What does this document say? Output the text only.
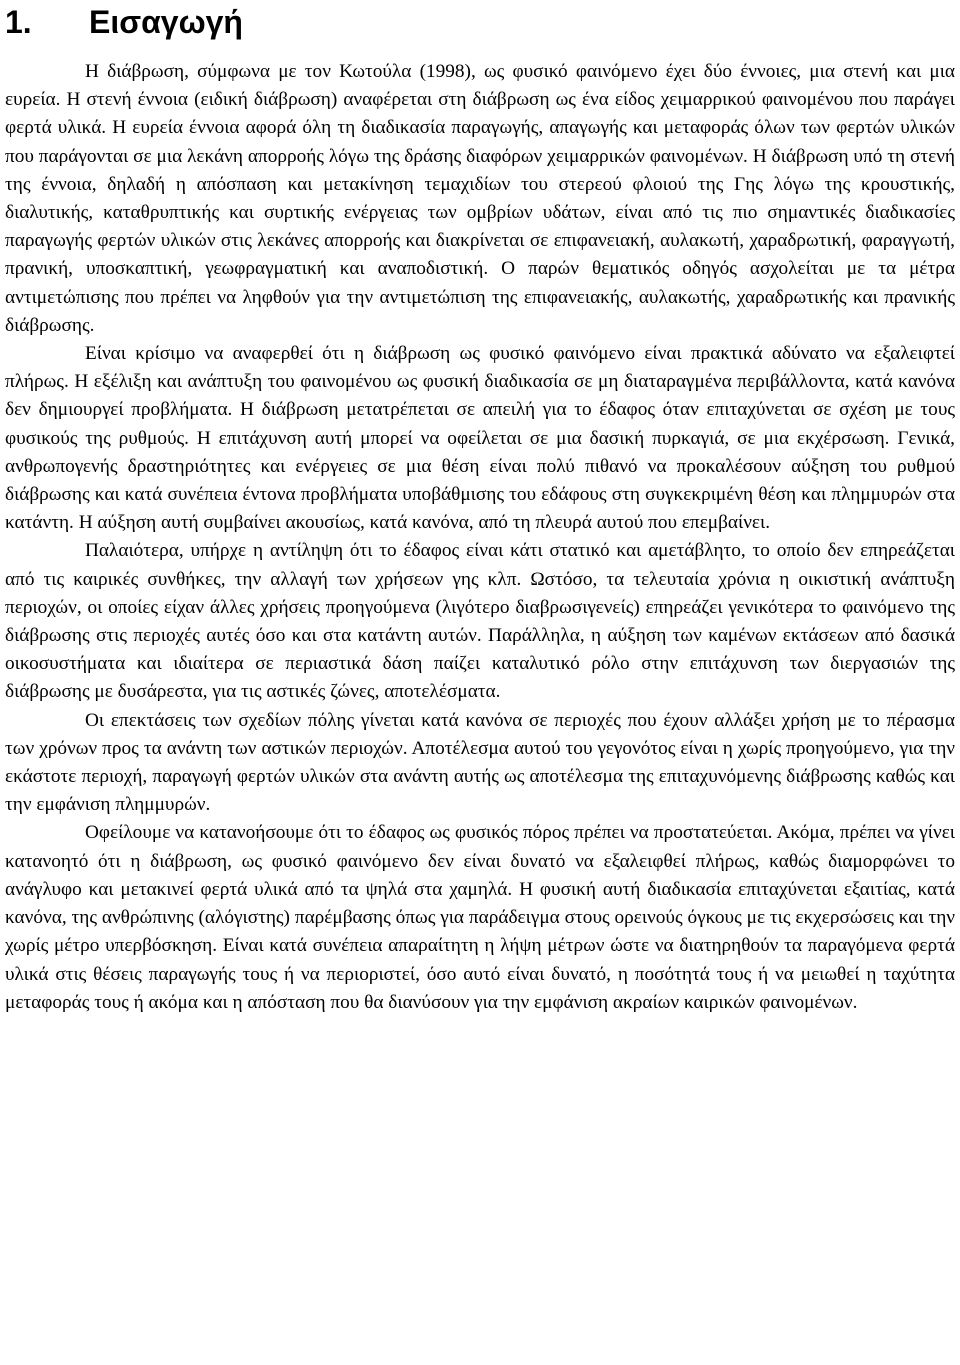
1.	Εισαγωγή

Η διάβρωση, σύμφωνα με τον Κωτούλα (1998), ως φυσικό φαινόμενο έχει δύο έννοιες, μια στενή και μια ευρεία. Η στενή έννοια (ειδική διάβρωση) αναφέρεται στη διάβρωση ως ένα είδος χειμαρρικού φαινομένου που παράγει φερτά υλικά. Η ευρεία έννοια αφορά όλη τη διαδικασία παραγωγής, απαγωγής και μεταφοράς όλων των φερτών υλικών που παράγονται σε μια λεκάνη απορροής λόγω της δράσης διαφόρων χειμαρρικών φαινομένων. Η διάβρωση υπό τη στενή της έννοια, δηλαδή η απόσπαση και μετακίνηση τεμαχιδίων του στερεού φλοιού της Γης λόγω της κρουστικής, διαλυτικής, καταθρυπτικής και συρτικής ενέργειας των ομβρίων υδάτων, είναι από τις πιο σημαντικές διαδικασίες παραγωγής φερτών υλικών στις λεκάνες απορροής και διακρίνεται σε επιφανειακή, αυλακωτή, χαραδρωτική, φαραγγωτή, πρανική, υποσκαπτική, γεωφραγματική και αναποδιστική. Ο παρών θεματικός οδηγός ασχολείται με τα μέτρα αντιμετώπισης που πρέπει να ληφθούν για την αντιμετώπιση της επιφανειακής, αυλακωτής, χαραδρωτικής και πρανικής διάβρωσης.

Είναι κρίσιμο να αναφερθεί ότι η διάβρωση ως φυσικό φαινόμενο είναι πρακτικά αδύνατο να εξαλειφτεί πλήρως. Η εξέλιξη και ανάπτυξη του φαινομένου ως φυσική διαδικασία σε μη διαταραγμένα περιβάλλοντα, κατά κανόνα δεν δημιουργεί προβλήματα. Η διάβρωση μετατρέπεται σε απειλή για το έδαφος όταν επιταχύνεται σε σχέση με τους φυσικούς της ρυθμούς. Η επιτάχυνση αυτή μπορεί να οφείλεται σε μια δασική πυρκαγιά, σε μια εκχέρσωση. Γενικά, ανθρωπογενής δραστηριότητες και ενέργειες σε μια θέση είναι πολύ πιθανό να προκαλέσουν αύξηση του ρυθμού διάβρωσης και κατά συνέπεια έντονα προβλήματα υποβάθμισης του εδάφους στη συγκεκριμένη θέση και πλημμυρών στα κατάντη. Η αύξηση αυτή συμβαίνει ακουσίως, κατά κανόνα, από τη πλευρά αυτού που επεμβαίνει.

Παλαιότερα, υπήρχε η αντίληψη ότι το έδαφος είναι κάτι στατικό και αμετάβλητο, το οποίο δεν επηρεάζεται από τις καιρικές συνθήκες, την αλλαγή των χρήσεων γης κλπ. Ωστόσο, τα τελευταία χρόνια η οικιστική ανάπτυξη περιοχών, οι οποίες είχαν άλλες χρήσεις προηγούμενα (λιγότερο διαβρωσιγενείς) επηρεάζει γενικότερα το φαινόμενο της διάβρωσης στις περιοχές αυτές όσο και στα κατάντη αυτών. Παράλληλα, η αύξηση των καμένων εκτάσεων από δασικά οικοσυστήματα και ιδιαίτερα σε περιαστικά δάση παίζει καταλυτικό ρόλο στην επιτάχυνση των διεργασιών της διάβρωσης με δυσάρεστα, για τις αστικές ζώνες, αποτελέσματα.

Οι επεκτάσεις των σχεδίων πόλης γίνεται κατά κανόνα σε περιοχές που έχουν αλλάξει χρήση με το πέρασμα των χρόνων προς τα ανάντη των αστικών περιοχών. Αποτέλεσμα αυτού του γεγονότος είναι η χωρίς προηγούμενο, για την εκάστοτε περιοχή, παραγωγή φερτών υλικών στα ανάντη αυτής ως αποτέλεσμα της επιταχυνόμενης διάβρωσης καθώς και την εμφάνιση πλημμυρών.

Οφείλουμε να κατανοήσουμε ότι το έδαφος ως φυσικός πόρος πρέπει να προστατεύεται. Ακόμα, πρέπει να γίνει κατανοητό ότι η διάβρωση, ως φυσικό φαινόμενο δεν είναι δυνατό να εξαλειφθεί πλήρως, καθώς διαμορφώνει το ανάγλυφο και μετακινεί φερτά υλικά από τα ψηλά στα χαμηλά. Η φυσική αυτή διαδικασία επιταχύνεται εξαιτίας, κατά κανόνα, της ανθρώπινης (αλόγιστης) παρέμβασης όπως για παράδειγμα στους ορεινούς όγκους με τις εκχερσώσεις και την χωρίς μέτρο υπερβόσκηση. Είναι κατά συνέπεια απαραίτητη η λήψη μέτρων ώστε να διατηρηθούν τα παραγόμενα φερτά υλικά στις θέσεις παραγωγής τους ή να περιοριστεί, όσο αυτό είναι δυνατό, η ποσότητά τους ή να μειωθεί η ταχύτητα μεταφοράς τους ή ακόμα και η απόσταση που θα διανύσουν για την εμφάνιση ακραίων καιρικών φαινομένων.
